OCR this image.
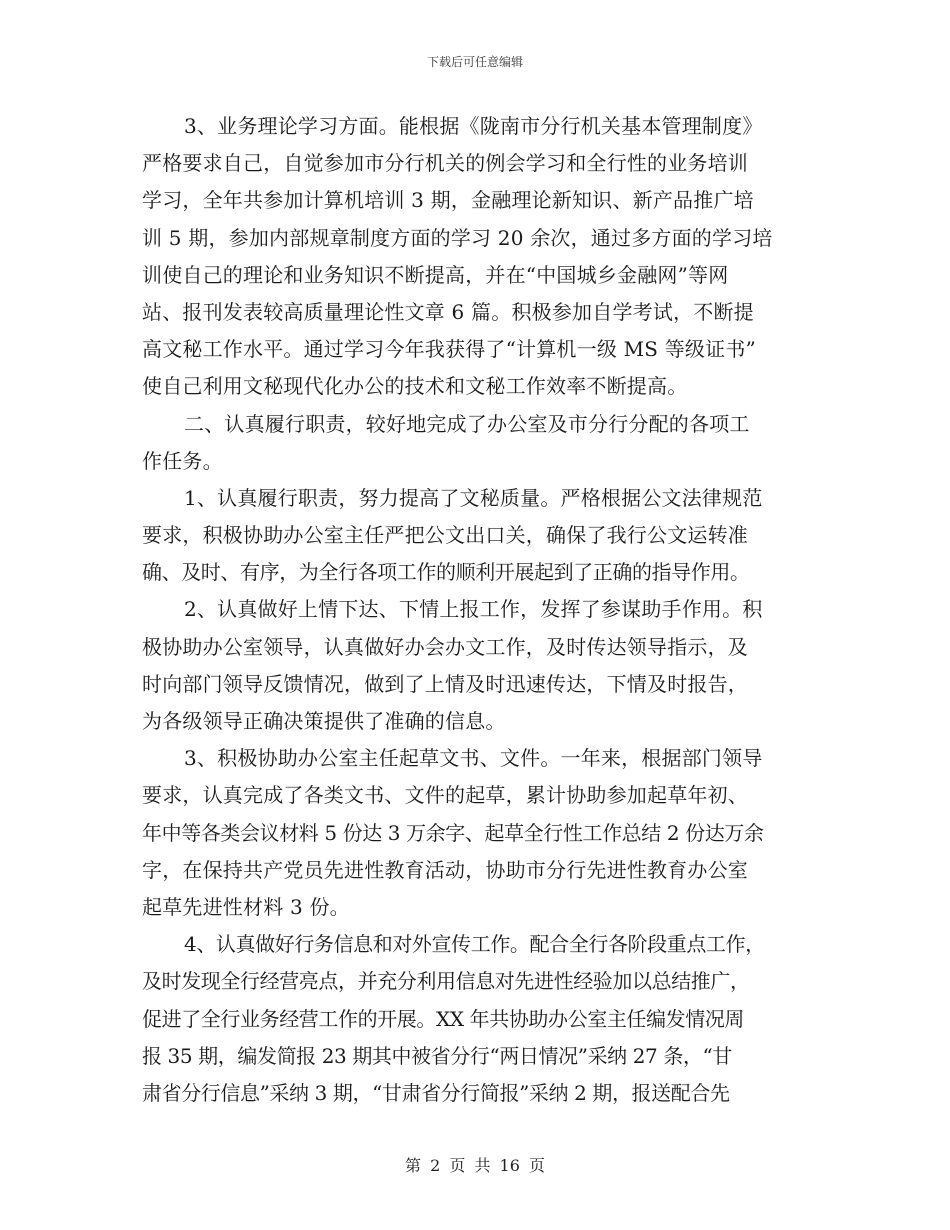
下载后可任意编辑
3、业务理论学习方面。能根据《陇南市分行机关基本管理制度》
严格要求自己，自觉参加市分行机关的例会学习和全行性的业务培训
学习，全年共参加计算机培训 3 期，金融理论新知识、新产品推广培
训 5 期，参加内部规章制度方面的学习 20 余次，通过多方面的学习培
训使自己的理论和业务知识不断提高，并在“中国城乡金融网”等网
站、报刊发表较高质量理论性文章 6 篇。积极参加自学考试，不断提
高文秘工作水平。通过学习今年我获得了“计算机一级 MS 等级证书”
使自己利用文秘现代化办公的技术和文秘工作效率不断提高。
二、认真履行职责，较好地完成了办公室及市分行分配的各项工
作任务。
1、认真履行职责，努力提高了文秘质量。严格根据公文法律规范
要求，积极协助办公室主任严把公文出口关，确保了我行公文运转准
确、及时、有序，为全行各项工作的顺利开展起到了正确的指导作用。
2、认真做好上情下达、下情上报工作，发挥了参谋助手作用。积
极协助办公室领导，认真做好办会办文工作，及时传达领导指示，及
时向部门领导反馈情况，做到了上情及时迅速传达，下情及时报告，
为各级领导正确决策提供了准确的信息。
3、积极协助办公室主任起草文书、文件。一年来，根据部门领导
要求，认真完成了各类文书、文件的起草，累计协助参加起草年初、
年中等各类会议材料 5 份达 3 万余字、起草全行性工作总结 2 份达万余
字，在保持共产党员先进性教育活动，协助市分行先进性教育办公室
起草先进性材料 3 份。
4、认真做好行务信息和对外宣传工作。配合全行各阶段重点工作，
及时发现全行经营亮点，并充分利用信息对先进性经验加以总结推广，
促进了全行业务经营工作的开展。XX 年共协助办公室主任编发情况周
报 35 期，编发简报 23 期其中被省分行“两日情况”采纳 27 条，“甘
肃省分行信息”采纳 3 期，“甘肃省分行简报”采纳 2 期，报送配合先
第 2 页 共 16 页
